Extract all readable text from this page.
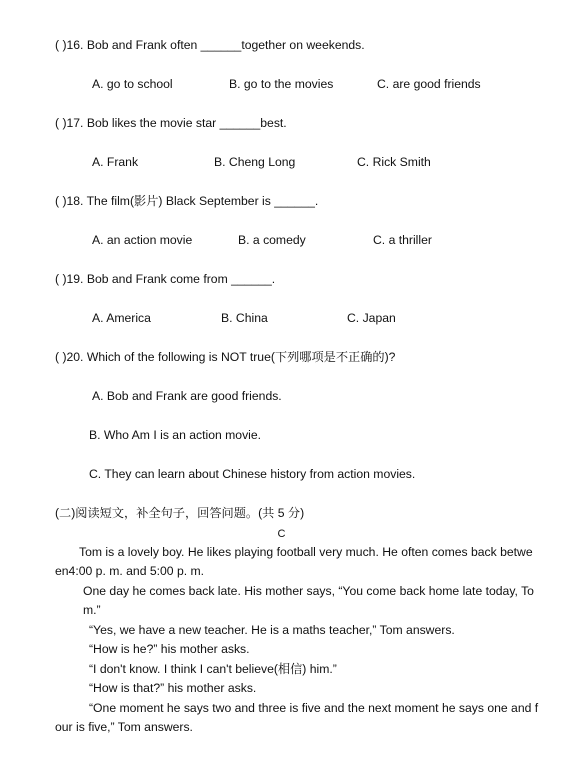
( )16. Bob and Frank often ______together on weekends.
A. go to school	B. go to the movies	C. are good friends
( )17. Bob likes the movie star ______best.
A. Frank	B. Cheng Long	C. Rick Smith
( )18. The film(影片) Black September is ______.
A. an action movie	B. a comedy	C. a thriller
( )19. Bob and Frank come from ______.
A. America	B. China	C. Japan
( )20. Which of the following is NOT true(下列哪项是不正确的)?
A. Bob and Frank are good friends.
B. Who Am I is an action movie.
C. They can learn about Chinese history from action movies.
(二)阅读短文，补全句子，回答问题。(共 5 分)
C
Tom is a lovely boy. He likes playing football very much. He often comes back betwe
en4:00 p. m. and 5:00 p. m.
One day he comes back late. His mother says, “You come back home late today, To
m.”
“Yes, we have a new teacher. He is a maths teacher,” Tom answers.
“How is he?” his mother asks.
“I don't know. I think I can't believe(相信) him.”
“How is that?” his mother asks.
“One moment he says two and three is five and the next moment he says one and f
our is five,” Tom answers.
